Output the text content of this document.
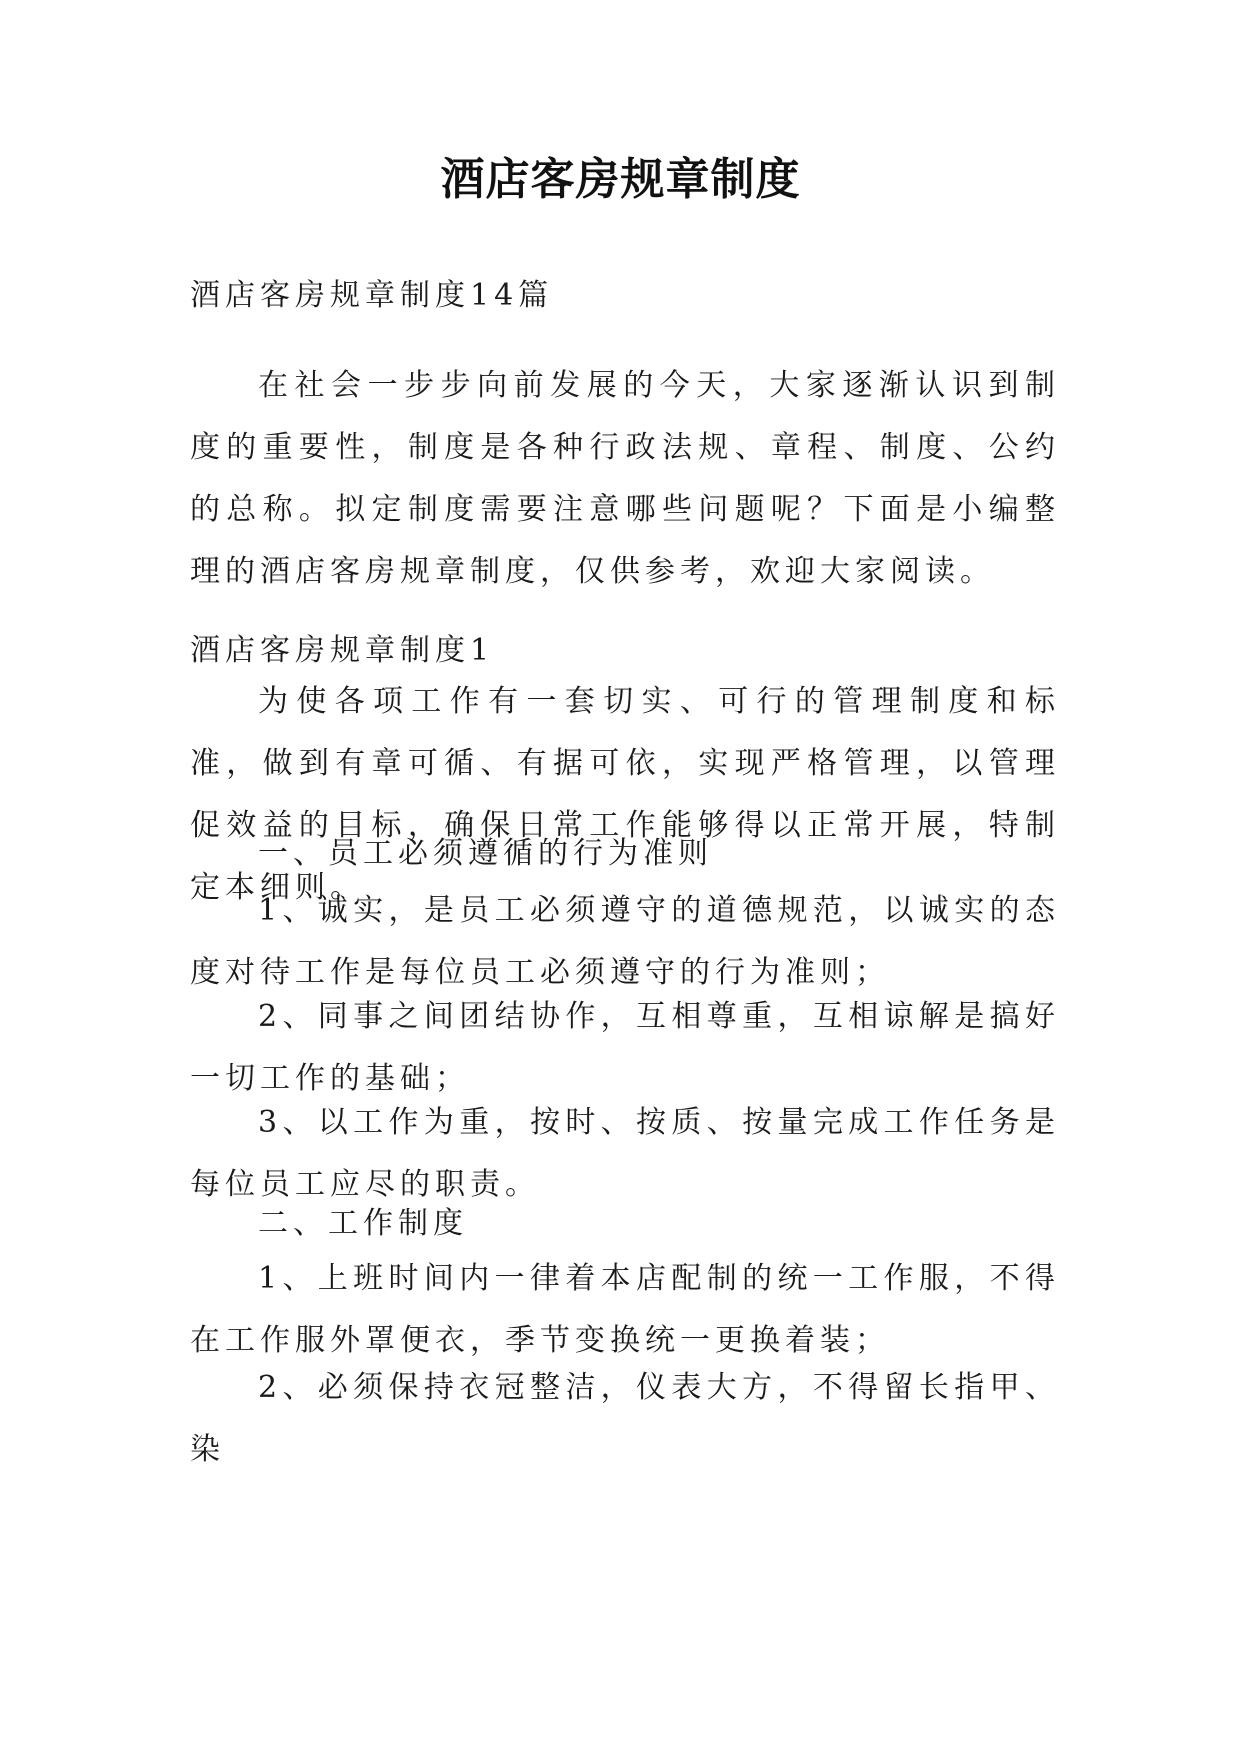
酒店客房规章制度

酒店客房规章制度14篇

在社会一步步向前发展的今天，大家逐渐认识到制度的重要性，制度是各种行政法规、章程、制度、公约的总称。拟定制度需要注意哪些问题呢？下面是小编整理的酒店客房规章制度，仅供参考，欢迎大家阅读。

酒店客房规章制度1

为使各项工作有一套切实、可行的管理制度和标准，做到有章可循、有据可依，实现严格管理，以管理促效益的目标，确保日常工作能够得以正常开展，特制定本细则。

一、员工必须遵循的行为准则

1、诚实，是员工必须遵守的道德规范，以诚实的态度对待工作是每位员工必须遵守的行为准则；

2、同事之间团结协作，互相尊重，互相谅解是搞好一切工作的基础；

3、以工作为重，按时、按质、按量完成工作任务是每位员工应尽的职责。

二、工作制度

1、上班时间内一律着本店配制的统一工作服，不得在工作服外罩便衣，季节变换统一更换着装；

2、必须保持衣冠整洁，仪表大方，不得留长指甲、染
